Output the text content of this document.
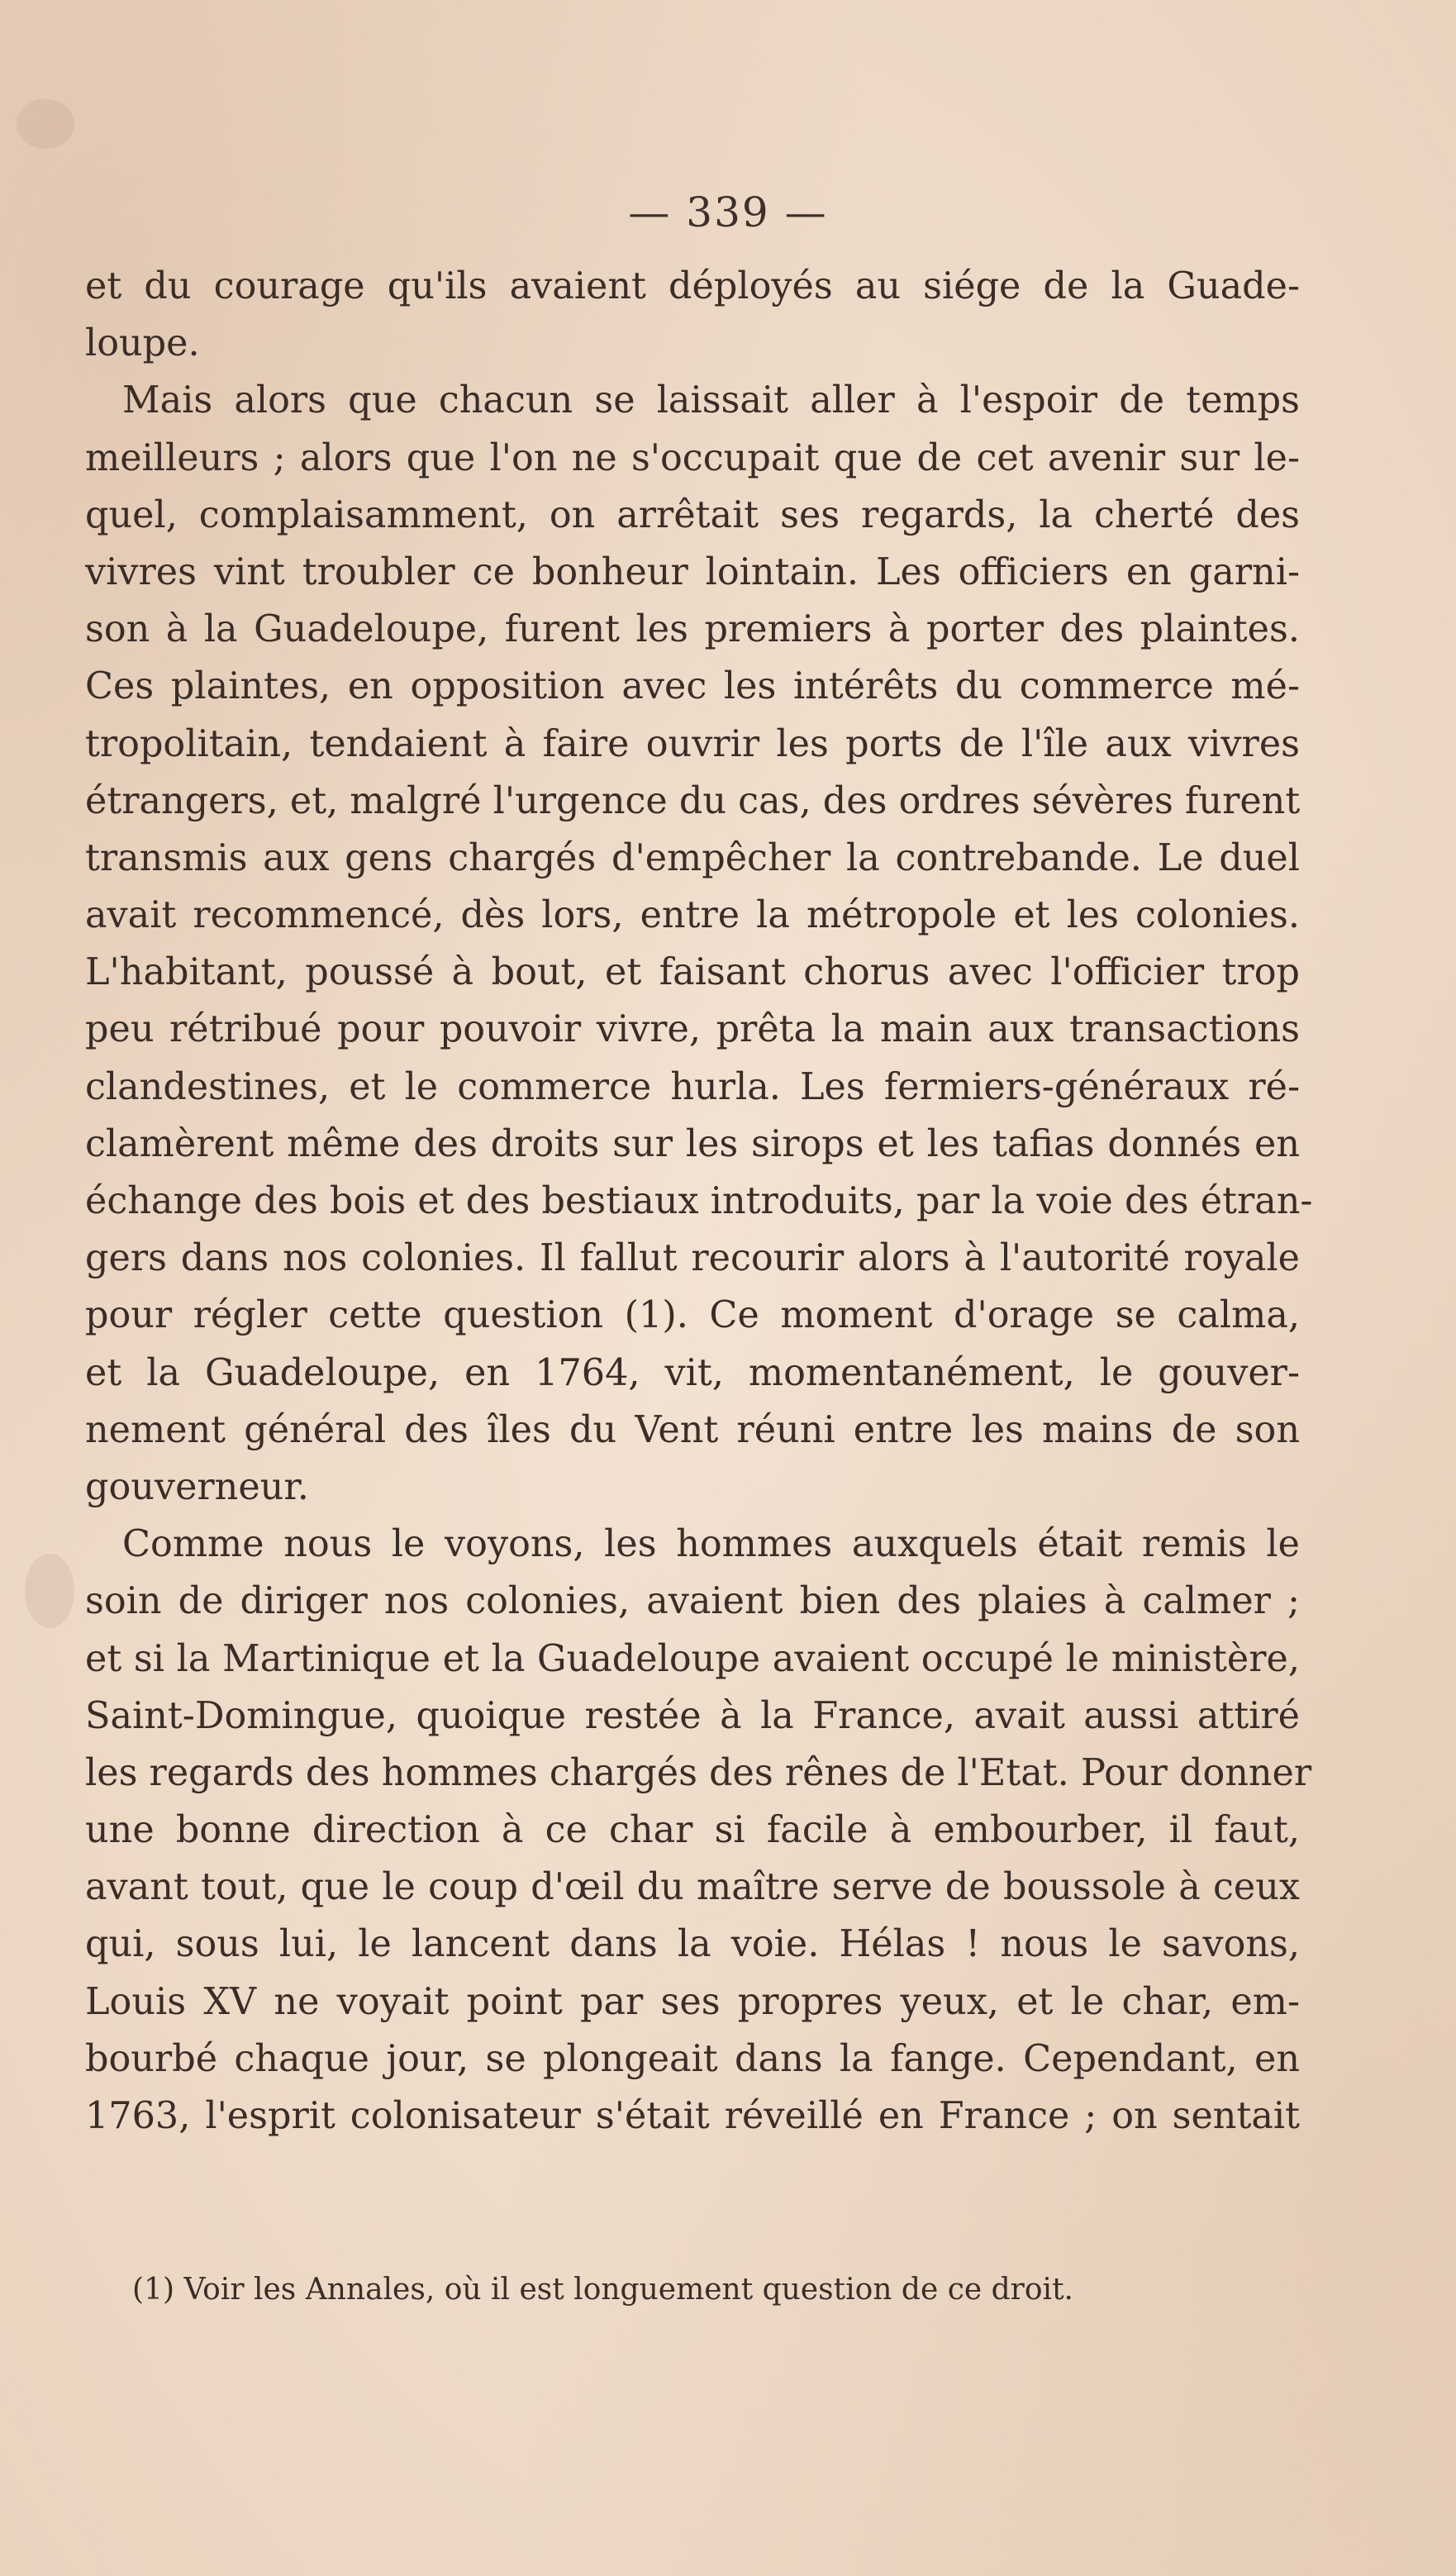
— 339 —
et du courage qu'ils avaient déployés au siége de la Guade-
loupe.
Mais alors que chacun se laissait aller à l'espoir de temps
meilleurs ; alors que l'on ne s'occupait que de cet avenir sur le-
quel, complaisamment, on arrêtait ses regards, la cherté des
vivres vint troubler ce bonheur lointain. Les officiers en garni-
son à la Guadeloupe, furent les premiers à porter des plaintes.
Ces plaintes, en opposition avec les intérêts du commerce mé-
tropolitain, tendaient à faire ouvrir les ports de l'île aux vivres
étrangers, et, malgré l'urgence du cas, des ordres sévères furent
transmis aux gens chargés d'empêcher la contrebande. Le duel
avait recommencé, dès lors, entre la métropole et les colonies.
L'habitant, poussé à bout, et faisant chorus avec l'officier trop
peu rétribué pour pouvoir vivre, prêta la main aux transactions
clandestines, et le commerce hurla. Les fermiers-généraux ré-
clamèrent même des droits sur les sirops et les tafias donnés en
échange des bois et des bestiaux introduits, par la voie des étran-
gers dans nos colonies. Il fallut recourir alors à l'autorité royale
pour régler cette question (1). Ce moment d'orage se calma,
et la Guadeloupe, en 1764, vit, momentanément, le gouver-
nement général des îles du Vent réuni entre les mains de son
gouverneur.
Comme nous le voyons, les hommes auxquels était remis le
soin de diriger nos colonies, avaient bien des plaies à calmer ;
et si la Martinique et la Guadeloupe avaient occupé le ministère,
Saint-Domingue, quoique restée à la France, avait aussi attiré
les regards des hommes chargés des rênes de l'Etat. Pour donner
une bonne direction à ce char si facile à embourber, il faut,
avant tout, que le coup d'œil du maître serve de boussole à ceux
qui, sous lui, le lancent dans la voie. Hélas ! nous le savons,
Louis XV ne voyait point par ses propres yeux, et le char, em-
bourbé chaque jour, se plongeait dans la fange. Cependant, en
1763, l'esprit colonisateur s'était réveillé en France ; on sentait
(1) Voir les Annales, où il est longuement question de ce droit.
